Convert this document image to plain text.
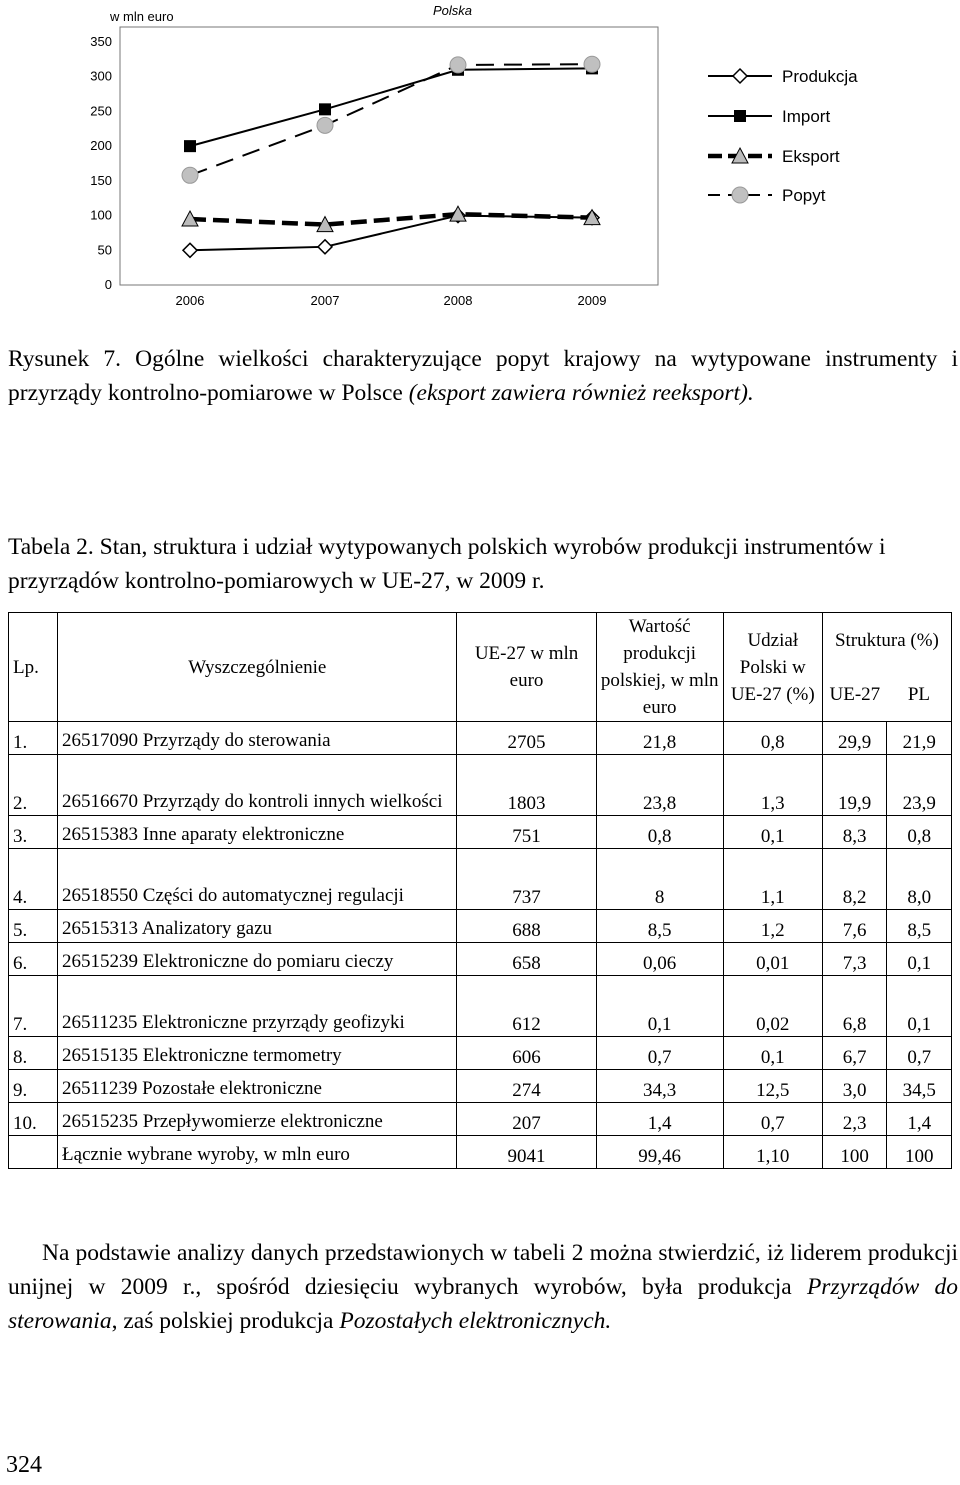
w mln euro	Polska
0
50
100
150
200
250
300
350
2006	2007	2008	2009
Produkcja
Import
Eksport
Popyt
Rysunek 7. Ogólne wielkości charakteryzujące popyt krajowy na wytypowane instrumenty i przyrządy kontrolno-pomiarowe w Polsce (eksport zawiera również reeksport).
Tabela 2. Stan, struktura i udział wytypowanych polskich wyrobów produkcji instrumentów i przyrządów kontrolno-pomiarowych w UE-27, w 2009 r.
Lp.	Wyszczególnienie	UE-27 w mln euro	Wartość produkcji polskiej, w mln euro	Udział Polski w UE-27 (%)	Struktura (%)	
					UE-27	PL
1.	26517090 Przyrządy do sterowania	2705	21,8	0,8	29,9	21,9
2.	26516670 Przyrządy do kontroli innych wielkości	1803	23,8	1,3	19,9	23,9
3.	26515383 Inne aparaty elektroniczne	751	0,8	0,1	8,3	0,8
4.	26518550 Części do automatycznej regulacji	737	8	1,1	8,2	8,0
5.	26515313 Analizatory gazu	688	8,5	1,2	7,6	8,5
6.	26515239 Elektroniczne do pomiaru cieczy	658	0,06	0,01	7,3	0,1
7.	26511235 Elektroniczne przyrządy geofizyki	612	0,1	0,02	6,8	0,1
8.	26515135 Elektroniczne termometry	606	0,7	0,1	6,7	0,7
9.	26511239 Pozostałe elektroniczne	274	34,3	12,5	3,0	34,5
10.	26515235 Przepływomierze elektroniczne	207	1,4	0,7	2,3	1,4
	Łącznie wybrane wyroby, w mln euro	9041	99,46	1,10	100	100
Na podstawie analizy danych przedstawionych w tabeli 2 można stwierdzić, iż liderem produkcji unijnej w 2009 r., spośród dziesięciu wybranych wyrobów, była produkcja Przyrządów do sterowania, zaś polskiej produkcja Pozostałych elektronicznych.
324
